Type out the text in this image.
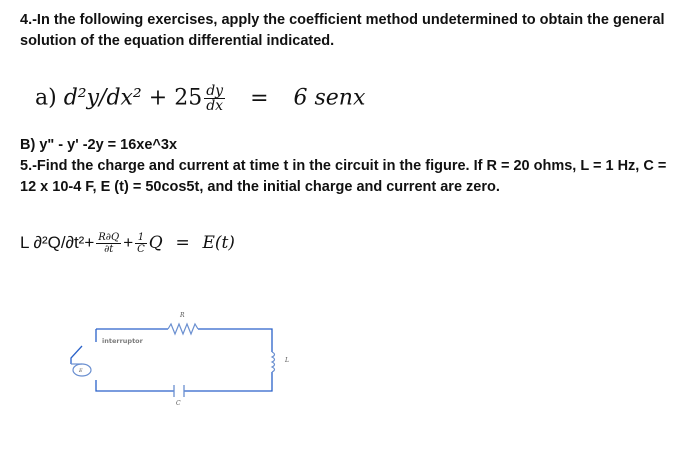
4.-In the following exercises, apply the coefficient method undetermined to obtain the general solution of the equation differential indicated.
a) $d^2y/dx^2 + 25 \frac{dy}{dx} = 6$ senx
B) y" - y' -2y = 16xe^3x
5.-Find the charge and current at time t in the circuit in the figure. If R = 20 ohms, L = 1 Hz, C = 12 x 10-4 F, E (t) = 50cos5t, and the initial charge and current are zero.
L $\partial^2Q/\partial t^2+ \frac{R\partial Q}{\partial t} + \frac{1}{C}$ Q = E(t)
interruptor
R
L
C
E
